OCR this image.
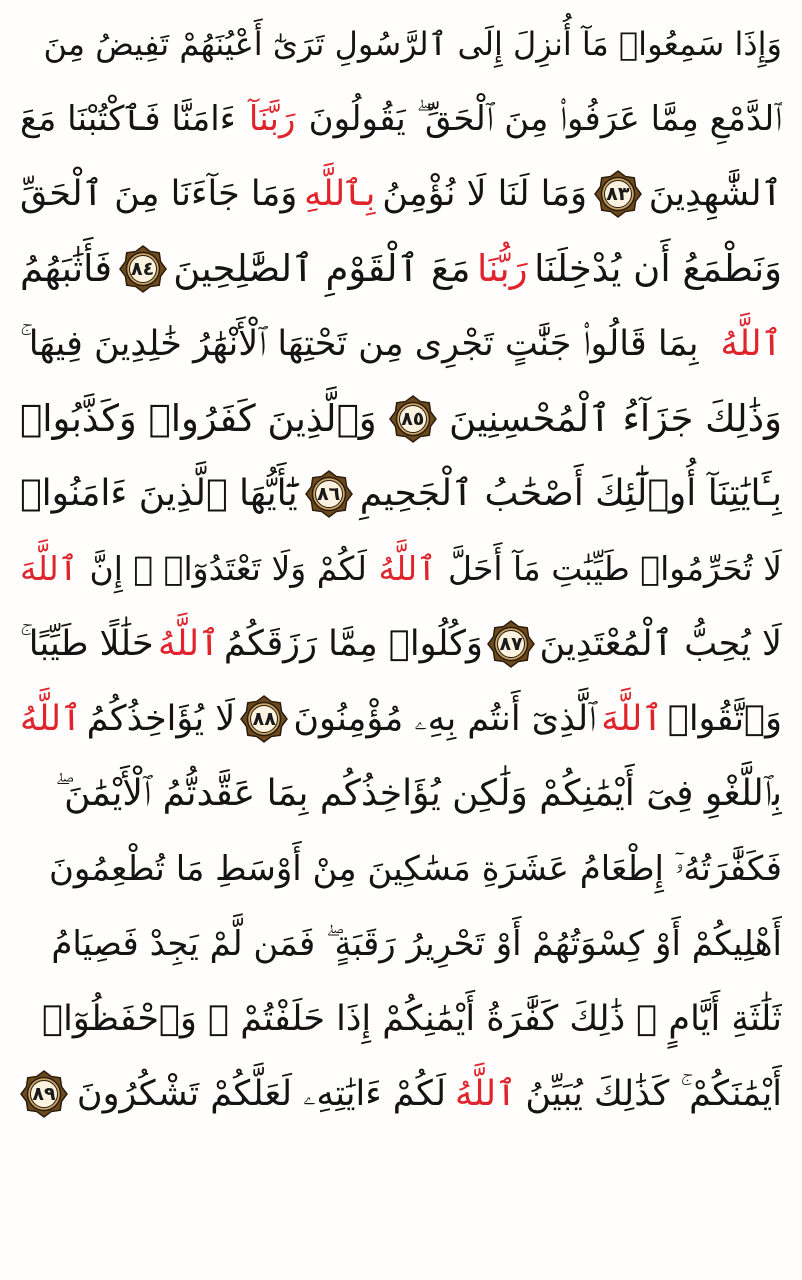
وَإِذَا سَمِعُوا۟ مَآ أُنزِلَ إِلَى ٱلرَّسُولِ تَرَىٰٓ أَعْيُنَهُمْ تَفِيضُ مِنَ
ٱلدَّمْعِ مِمَّا عَرَفُوا۟ مِنَ ٱلْحَقِّ ۖ يَقُولُونَ
رَبَّنَآ
ءَامَنَّا فَٱكْتُبْنَا مَعَ
ٱلشَّٰهِدِينَ
٨٣
وَمَا لَنَا لَا نُؤْمِنُ
بِٱللَّهِ
وَمَا جَآءَنَا مِنَ ٱلْحَقِّ
وَنَطْمَعُ أَن يُدْخِلَنَا
رَبُّنَا
مَعَ ٱلْقَوْمِ ٱلصَّٰلِحِينَ
٨٤
فَأَثَٰبَهُمُ
ٱللَّهُ
بِمَا قَالُوا۟ جَنَّٰتٍ تَجْرِى مِن تَحْتِهَا ٱلْأَنْهَٰرُ خَٰلِدِينَ فِيهَا ۚ
وَذَٰلِكَ جَزَآءُ ٱلْمُحْسِنِينَ
٨٥
وَٱلَّذِينَ كَفَرُوا۟ وَكَذَّبُوا۟
بِـَٔايَٰتِنَآ أُو۟لَٰٓئِكَ أَصْحَٰبُ ٱلْجَحِيمِ
٨٦
يَٰٓأَيُّهَا ٱلَّذِينَ ءَامَنُوا۟
لَا تُحَرِّمُوا۟ طَيِّبَٰتِ مَآ أَحَلَّ
ٱللَّهُ
لَكُمْ وَلَا تَعْتَدُوٓا۟ ۚ إِنَّ
ٱللَّهَ
لَا يُحِبُّ ٱلْمُعْتَدِينَ
٨٧
وَكُلُوا۟ مِمَّا رَزَقَكُمُ
ٱللَّهُ
حَلَٰلًا طَيِّبًا ۚ
وَٱتَّقُوا۟
ٱللَّهَ
ٱلَّذِىٓ أَنتُم بِهِۦ مُؤْمِنُونَ
٨٨
لَا يُؤَاخِذُكُمُ
ٱللَّهُ
بِٱللَّغْوِ فِىٓ أَيْمَٰنِكُمْ وَلَٰكِن يُؤَاخِذُكُم بِمَا عَقَّدتُّمُ ٱلْأَيْمَٰنَ ۖ
فَكَفَّٰرَتُهُۥٓ إِطْعَامُ عَشَرَةِ مَسَٰكِينَ مِنْ أَوْسَطِ مَا تُطْعِمُونَ
أَهْلِيكُمْ أَوْ كِسْوَتُهُمْ أَوْ تَحْرِيرُ رَقَبَةٍ ۖ فَمَن لَّمْ يَجِدْ فَصِيَامُ
ثَلَٰثَةِ أَيَّامٍ ۚ ذَٰلِكَ كَفَّٰرَةُ أَيْمَٰنِكُمْ إِذَا حَلَفْتُمْ ۚ وَٱحْفَظُوٓا۟
أَيْمَٰنَكُمْ ۚ كَذَٰلِكَ يُبَيِّنُ
ٱللَّهُ
لَكُمْ ءَايَٰتِهِۦ لَعَلَّكُمْ تَشْكُرُونَ
٨٩
